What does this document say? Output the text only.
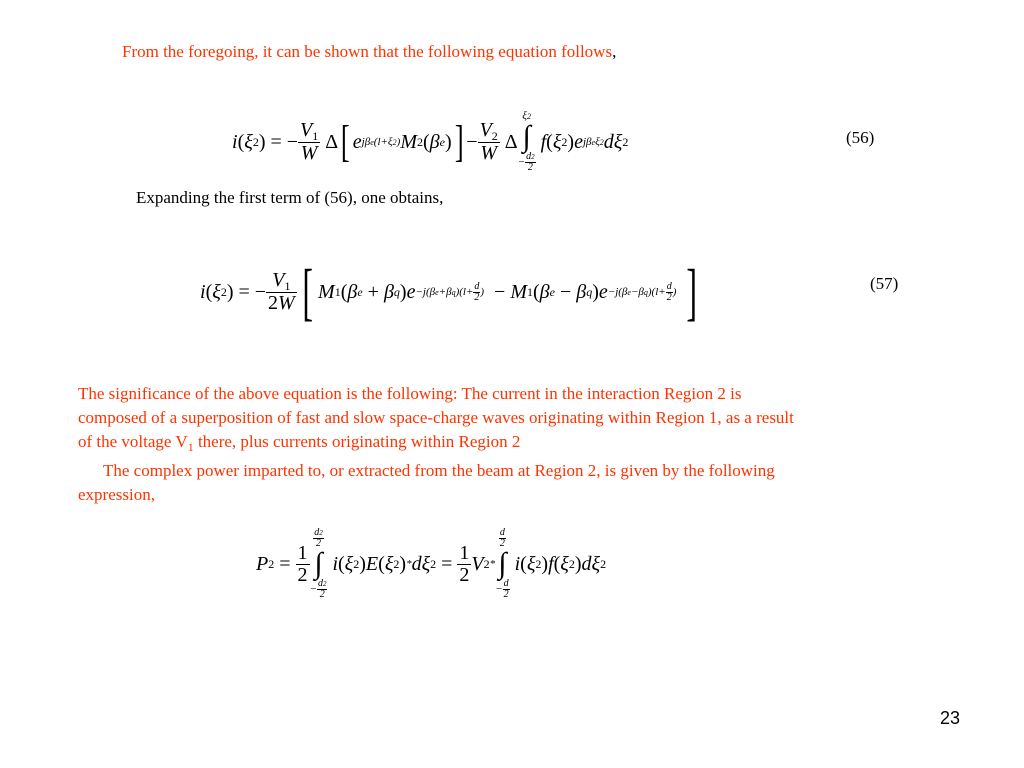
From the foregoing, it can be shown that the following equation follows,
i ( ξ 2 ) = − $\frac{V_1}{W}$ Δ [ e jβe(l+ξ2) M 2 ( β e ) ] − $\frac{V_2}{W}$ Δ
ξ2
∫
− $\frac{d2}{2}$

f ( ξ 2 ) e jβeξ2 dξ 2	(56)
Expanding the first term of (56), one obtains,
i ( ξ 2 ) = − $\frac{V_1}{2W}$ [ M 1 ( β e + β q ) $e -j(\beta e+\beta q)(l+ \frac{d}{2}$ ) − M 1 ( β e − β q ) $e -j(\beta e-\beta q)(l+ \frac{d}{2}$ )
]	(57)
The significance of the above equation is the following: The current in the interaction Region 2 is
composed of a superposition of fast and slow space-charge waves originating within Region 1, as a result
of the voltage $V_1$ there, plus currents originating within Region 2
The complex power imparted to, or extracted from the beam at Region 2, is given by the following
expression,
P $2 = \frac{1}{2}$
$\frac{d2}{2}$
∫
− $\frac{d2}{2}$

i ( ξ 2 ) E ( ξ 2 ) * dξ $2 = \frac{1}{2}$ V 2 *
$\frac{d}{2}$
∫
− $\frac{d}{2}$

i ( ξ 2 ) f ( ξ 2 ) dξ 2
23
